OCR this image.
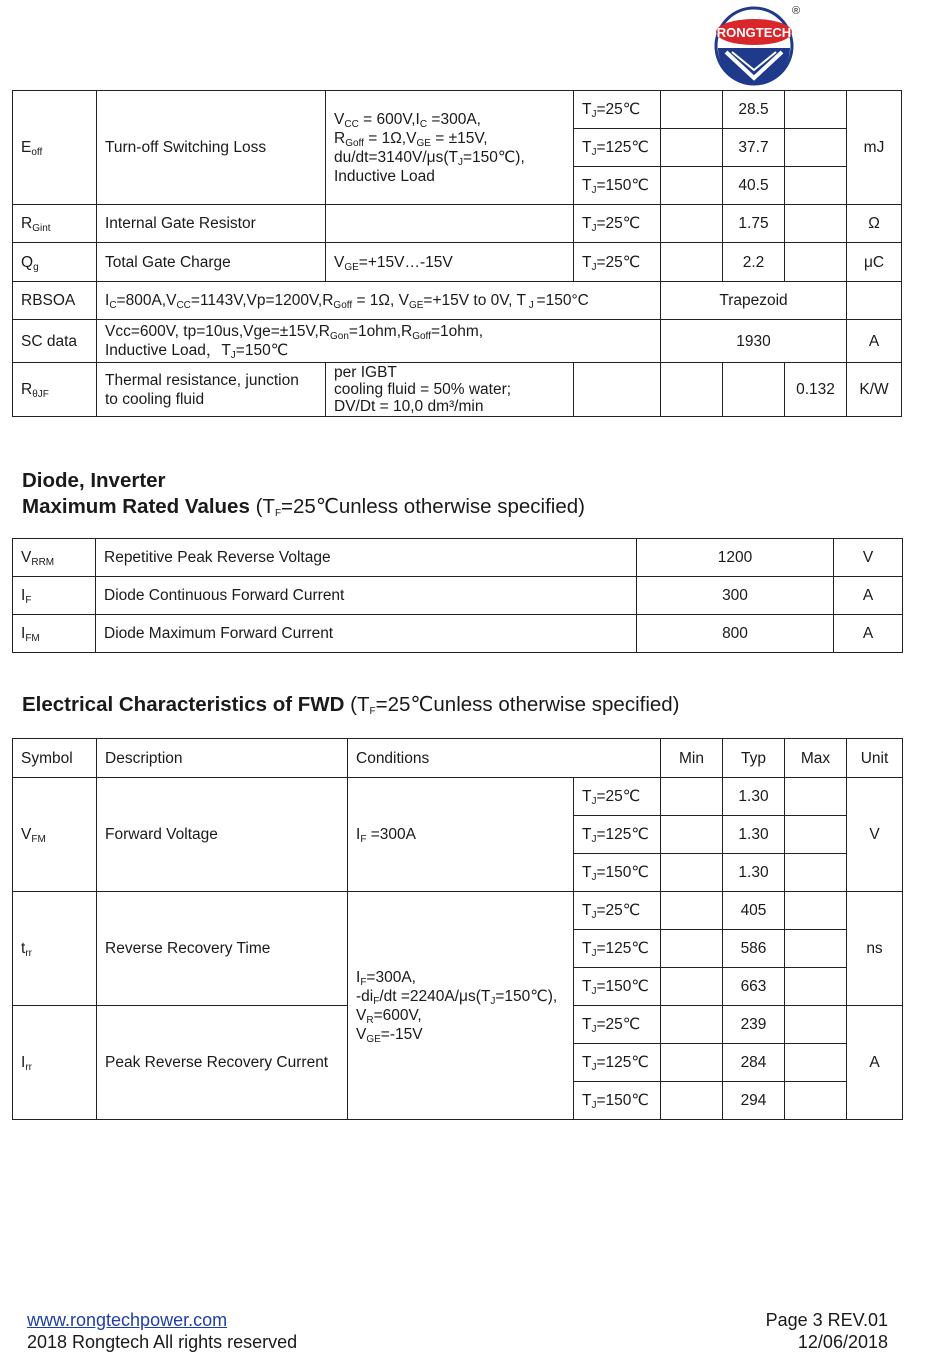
RONGTECH
®
$E_{off}$	Turn-off Switching Loss	$V_{CC} = 600V,I_C =300A$,
$R_{Goff} = 1\Omega,V_{GE} = \pm 15V$,
$du/dt=3140V/\mu s(T_J=150℃)$,
Inductive Load	$T_J=25℃$		28.5		mJ
			$T_J=125℃$		37.7		
			$T_J=150℃$		40.5		
$R_{Gint}$	Internal Gate Resistor		$T_J=25℃$		1.75		Ω
$Q_g$	Total Gate Charge	$V_{GE}=+15V\dots-15V$	$T_J=25℃$		2.2		μC
RBSOA	$I_C=800A,V_{CC}=1143V,Vp=1200V,R_{Goff} = 1\Omega$, $V_{GE}=+15V$ to 0V, T $_J$ =150°C			Trapezoid			
SC data	Vcc=600V, $tp=10us,Vge=\pm 15V,R_{Gon}=1ohm,R_{Goff}=1ohm$,
Inductive Load，$T_J=150℃$			1930			A
$R_{\theta JF}$	Thermal resistance, junction
to cooling fluid	per IGBT
cooling fluid = 50% water;
DV/Dt = 10,0 dm³/min				0.132	K/W
Diode, Inverter
Maximum Rated Values ($T_F=25℃unless$ otherwise specified)
$V_{RRM}$	Repetitive Peak Reverse Voltage	1200	V
$I_F$	Diode Continuous Forward Current	300	A
$I_{FM}$	Diode Maximum Forward Current	800	A
Electrical Characteristics of FWD ($T_F=25℃unless$ otherwise specified)
Symbol	Description	Conditions		Min	Typ	Max	Unit
$V_{FM}$	Forward Voltage	$I_F =300A$	$T_J=25℃$		1.30		V
			$T_J=125℃$		1.30		
			$T_J=150℃$		1.30		
$t_{rr}$	Reverse Recovery Time	$I_F=300A$,
$-di_F/dt$ $=2240A/\mu s(T_J=150℃)$,
$V_R=600V$,
$V_{GE}=-15V$	$T_J=25℃$		405		ns
			$T_J=125℃$		586		
			$T_J=150℃$		663		
$I_{rr}$	Peak Reverse Recovery Current		$T_J=25℃$		239		A
			$T_J=125℃$		284		
			$T_J=150℃$		294		
www.rongtechpower.com
2018 Rongtech All rights reserved
Page 3 REV.01
12/06/2018
